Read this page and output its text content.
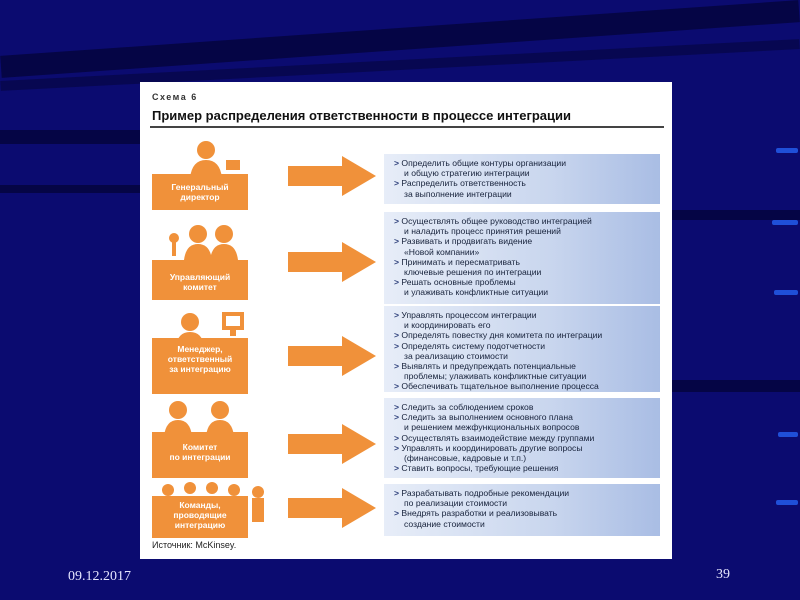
Схема 6
Пример распределения ответственности в процессе интеграции
Генеральный
директор
> Определить общие контуры организации
и общую стратегию интеграции
> Распределить ответственность
за выполнение интеграции
Управляющий
комитет
> Осуществлять общее руководство интеграцией
и наладить процесс принятия решений
> Развивать и продвигать видение
«Новой компании»
> Принимать и пересматривать
ключевые решения по интеграции
> Решать основные проблемы
и улаживать конфликтные ситуации
Менеджер,
ответственный
за интеграцию
> Управлять процессом интеграции
и координировать его
> Определять повестку дня комитета по интеграции
> Определять систему подотчетности
за реализацию стоимости
> Выявлять и предупреждать потенциальные
проблемы; улаживать конфликтные ситуации
> Обеспечивать тщательное выполнение процесса
Комитет
по интеграции
> Следить за соблюдением сроков
> Следить за выполнением основного плана
и решением межфункциональных вопросов
> Осуществлять взаимодействие между группами
> Управлять и координировать другие вопросы
(финансовые, кадровые и т.п.)
> Ставить вопросы, требующие решения
Команды,
проводящие
интеграцию
> Разрабатывать подробные рекомендации
по реализации стоимости
> Внедрять разработки и реализовывать
создание стоимости
Источник: McKinsey.
09.12.2017	39
